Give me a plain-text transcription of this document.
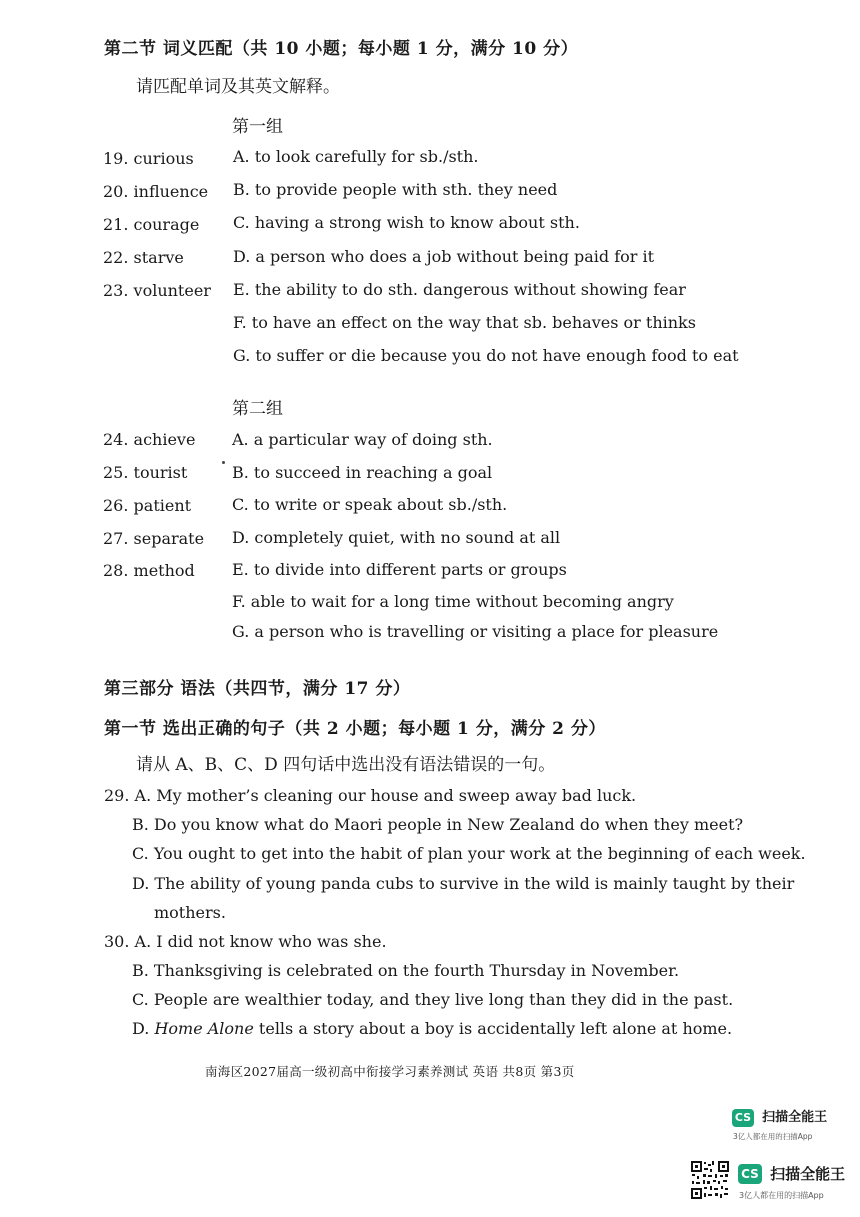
第二节 词义匹配（共 10 小题；每小题 1 分，满分 10 分）
请匹配单词及其英文解释。
第一组
19. curious
20. influence
21. courage
22. starve
23. volunteer
A. to look carefully for sb./sth.
B. to provide people with sth. they need
C. having a strong wish to know about sth.
D. a person who does a job without being paid for it
E. the ability to do sth. dangerous without showing fear
F. to have an effect on the way that sb. behaves or thinks
G. to suffer or die because you do not have enough food to eat
第二组
24. achieve
25. tourist
26. patient
27. separate
28. method
A. a particular way of doing sth.
B. to succeed in reaching a goal
C. to write or speak about sb./sth.
D. completely quiet, with no sound at all
E. to divide into different parts or groups
F. able to wait for a long time without becoming angry
G. a person who is travelling or visiting a place for pleasure
第三部分 语法（共四节，满分 17 分）
第一节 选出正确的句子（共 2 小题；每小题 1 分，满分 2 分）
请从 A、B、C、D 四句话中选出没有语法错误的一句。
29. A. My mother’s cleaning our house and sweep away bad luck.
B. Do you know what do Maori people in New Zealand do when they meet?
C. You ought to get into the habit of plan your work at the beginning of each week.
D. The ability of young panda cubs to survive in the wild is mainly taught by their
mothers.
30. A. I did not know who was she.
B. Thanksgiving is celebrated on the fourth Thursday in November.
C. People are wealthier today, and they live long than they did in the past.
D. Home Alone tells a story about a boy is accidentally left alone at home.
南海区2027届高一级初高中衔接学习素养测试 英语 共8页 第3页
CS $^{扫描全能王}$
3亿人都在用的扫描App
CS 扫描全能王
3亿人都在用的扫描App
